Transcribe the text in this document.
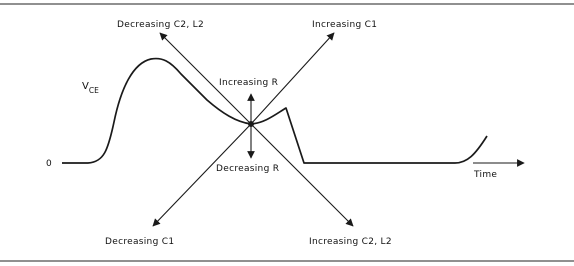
Decreasing C2, L2	Increasing C1
Increasing R
Decreasing R
Decreasing C1	Increasing C2, L2
$V_{CE}$
0
Time
